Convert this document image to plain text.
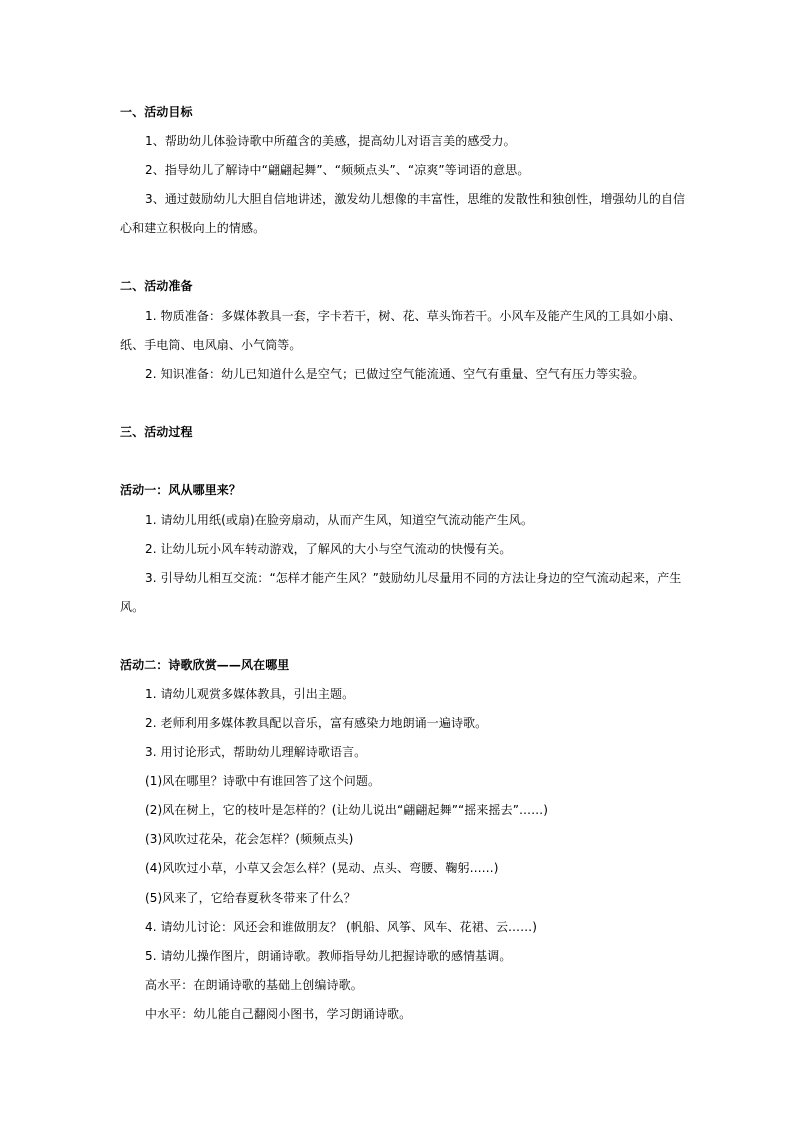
一、活动目标
1、帮助幼儿体验诗歌中所蕴含的美感，提高幼儿对语言美的感受力。
2、指导幼儿了解诗中“翩翩起舞”、“频频点头”、“凉爽”等词语的意思。
3、通过鼓励幼儿大胆自信地讲述，激发幼儿想像的丰富性，思维的发散性和独创性，增强幼儿的自信
心和建立积极向上的情感。
二、活动准备
1. 物质准备：多媒体教具一套，字卡若干，树、花、草头饰若干。小风车及能产生风的工具如小扇、
纸、手电筒、电风扇、小气筒等。
2. 知识准备：幼儿已知道什么是空气；已做过空气能流通、空气有重量、空气有压力等实验。
三、活动过程
活动一：风从哪里来？
1. 请幼儿用纸(或扇)在脸旁扇动，从而产生风，知道空气流动能产生风。
2. 让幼儿玩小风车转动游戏，了解风的大小与空气流动的快慢有关。
3. 引导幼儿相互交流：“怎样才能产生风？”鼓励幼儿尽量用不同的方法让身边的空气流动起来，产生
风。
活动二：诗歌欣赏——风在哪里
1. 请幼儿观赏多媒体教具，引出主题。
2. 老师利用多媒体教具配以音乐，富有感染力地朗诵一遍诗歌。
3. 用讨论形式，帮助幼儿理解诗歌语言。
(1)风在哪里？诗歌中有谁回答了这个问题。
(2)风在树上，它的枝叶是怎样的？(让幼儿说出“翩翩起舞”“摇来摇去”……)
(3)风吹过花朵，花会怎样？(频频点头)
(4)风吹过小草，小草又会怎么样？(晃动、点头、弯腰、鞠躬……)
(5)风来了，它给春夏秋冬带来了什么？
4. 请幼儿讨论：风还会和谁做朋友？ (帆船、风筝、风车、花裙、云……)
5. 请幼儿操作图片，朗诵诗歌。教师指导幼儿把握诗歌的感情基调。
高水平：在朗诵诗歌的基础上创编诗歌。
中水平：幼儿能自己翻阅小图书，学习朗诵诗歌。
